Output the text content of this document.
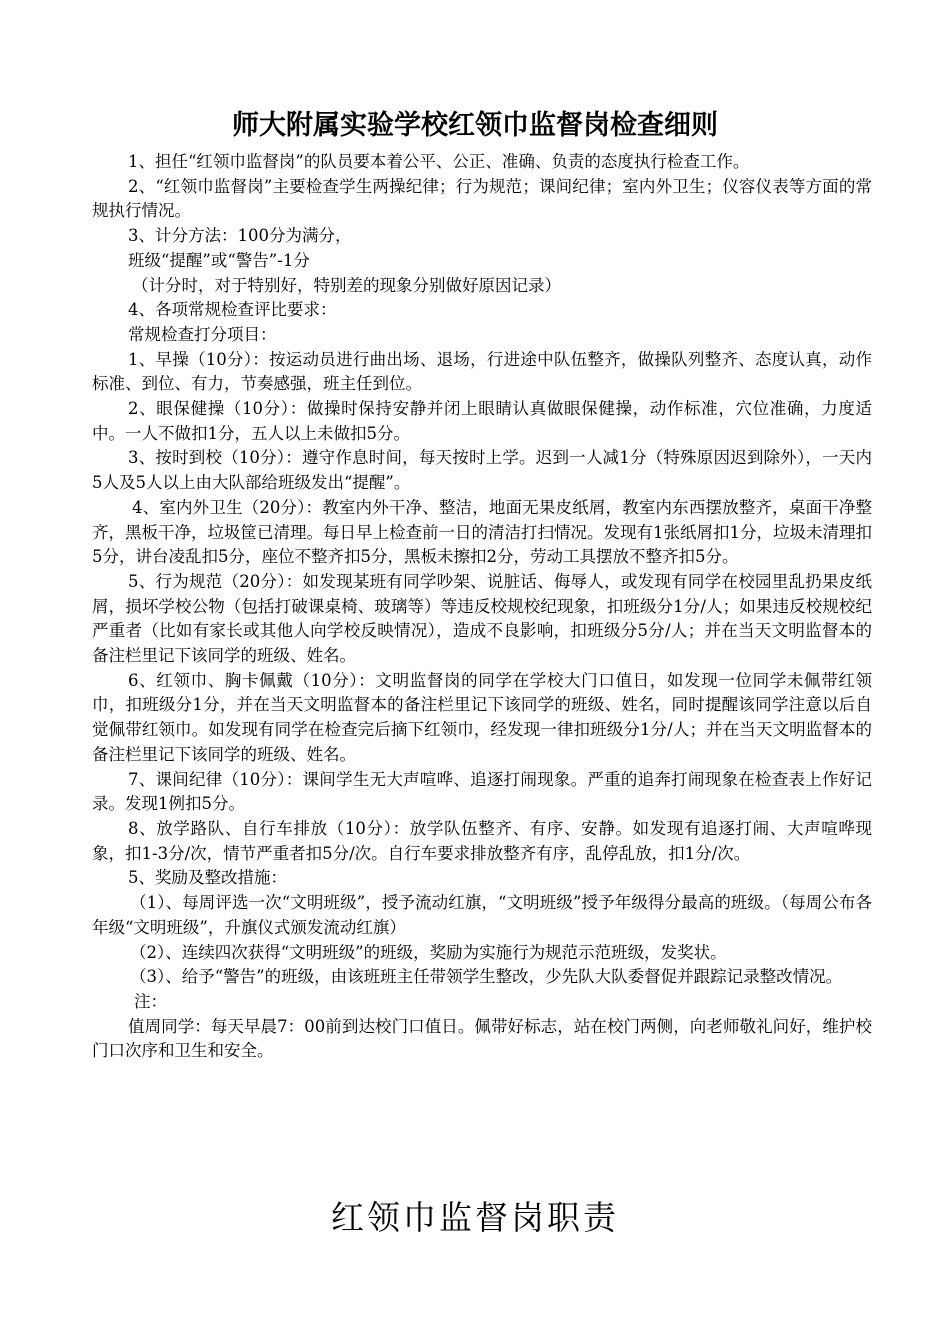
师大附属实验学校红领巾监督岗检查细则

1、担任“红领巾监督岗”的队员要本着公平、公正、准确、负责的态度执行检查工作。

2、“红领巾监督岗”主要检查学生两操纪律；行为规范；课间纪律；室内外卫生；仪容仪表等方面的常规执行情况。

3、计分方法：100分为满分，

班级“提醒”或“警告”-1分

（计分时，对于特别好，特别差的现象分别做好原因记录）

4、各项常规检查评比要求：

常规检查打分项目：

1、早操（10分）：按运动员进行曲出场、退场，行进途中队伍整齐，做操队列整齐、态度认真，动作标准、到位、有力，节奏感强，班主任到位。

2、眼保健操（10分）：做操时保持安静并闭上眼睛认真做眼保健操，动作标准，穴位准确，力度适中。一人不做扣1分，五人以上未做扣5分。

3、按时到校（10分）：遵守作息时间，每天按时上学。迟到一人减1分（特殊原因迟到除外），一天内5人及5人以上由大队部给班级发出“提醒”。

4、室内外卫生（20分）：教室内外干净、整洁，地面无果皮纸屑，教室内东西摆放整齐，桌面干净整齐，黑板干净，垃圾筐已清理。每日早上检查前一日的清洁打扫情况。发现有1张纸屑扣1分，垃圾未清理扣5分，讲台凌乱扣5分，座位不整齐扣5分，黑板未擦扣2分，劳动工具摆放不整齐扣5分。

5、行为规范（20分）：如发现某班有同学吵架、说脏话、侮辱人，或发现有同学在校园里乱扔果皮纸屑，损坏学校公物（包括打破课桌椅、玻璃等）等违反校规校纪现象，扣班级分1分/人；如果违反校规校纪严重者（比如有家长或其他人向学校反映情况），造成不良影响，扣班级分5分/人；并在当天文明监督本的备注栏里记下该同学的班级、姓名。

6、红领巾、胸卡佩戴（10分）：文明监督岗的同学在学校大门口值日，如发现一位同学未佩带红领巾，扣班级分1分，并在当天文明监督本的备注栏里记下该同学的班级、姓名，同时提醒该同学注意以后自觉佩带红领巾。如发现有同学在检查完后摘下红领巾，经发现一律扣班级分1分/人；并在当天文明监督本的备注栏里记下该同学的班级、姓名。

7、课间纪律（10分）：课间学生无大声喧哗、追逐打闹现象。严重的追奔打闹现象在检查表上作好记录。发现1例扣5分。

8、放学路队、自行车排放（10分）：放学队伍整齐、有序、安静。如发现有追逐打闹、大声喧哗现象，扣1-3分/次，情节严重者扣5分/次。自行车要求排放整齐有序，乱停乱放，扣1分/次。

5、奖励及整改措施：

（1）、每周评选一次“文明班级”，授予流动红旗，“文明班级”授予年级得分最高的班级。（每周公布各年级“文明班级”，升旗仪式颁发流动红旗）

（2）、连续四次获得“文明班级”的班级，奖励为实施行为规范示范班级，发奖状。

（3）、给予“警告”的班级，由该班班主任带领学生整改，少先队大队委督促并跟踪记录整改情况。

注：

值周同学：每天早晨7：00前到达校门口值日。佩带好标志，站在校门两侧，向老师敬礼问好，维护校门口次序和卫生和安全。

红领巾监督岗职责
